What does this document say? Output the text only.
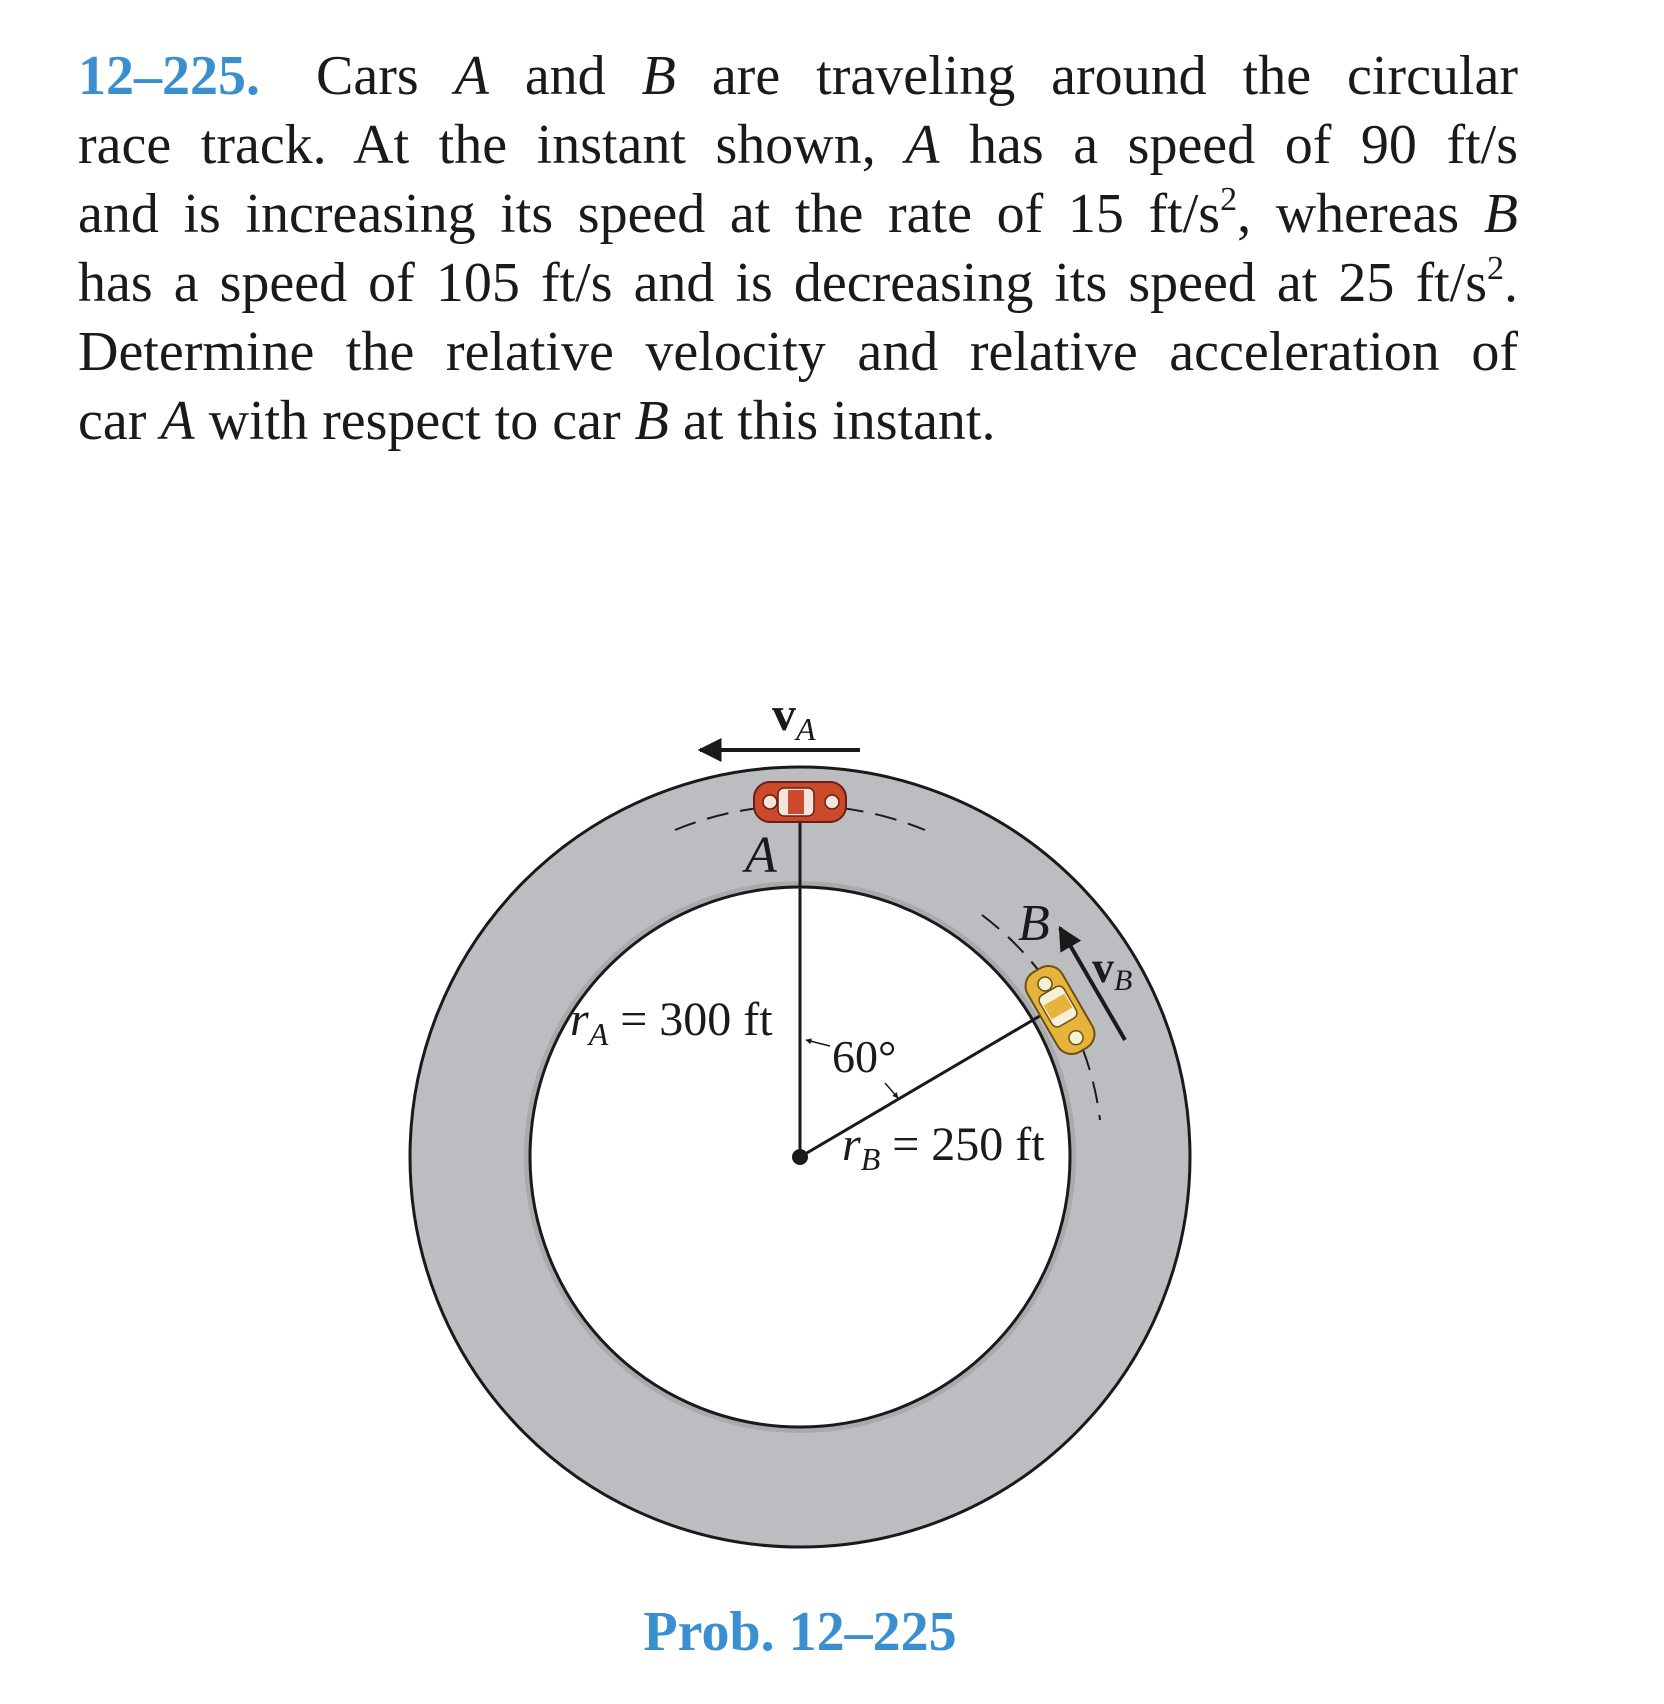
12–225. Cars A and B are traveling around the circular
race track. At the instant shown, A has a speed of 90 ft/s
and is increasing its speed at the rate of 15 $ft/s^2$, whereas B
has a speed of 105 ft/s and is decreasing its speed at 25 $ft/s^2$.
Determine the relative velocity and relative acceleration of
car A with respect to car B at this instant.
A
B
$v_A$
vB
$r_A = 300$ ft
$r_B = 250$ ft
60°
Prob. 12–225
